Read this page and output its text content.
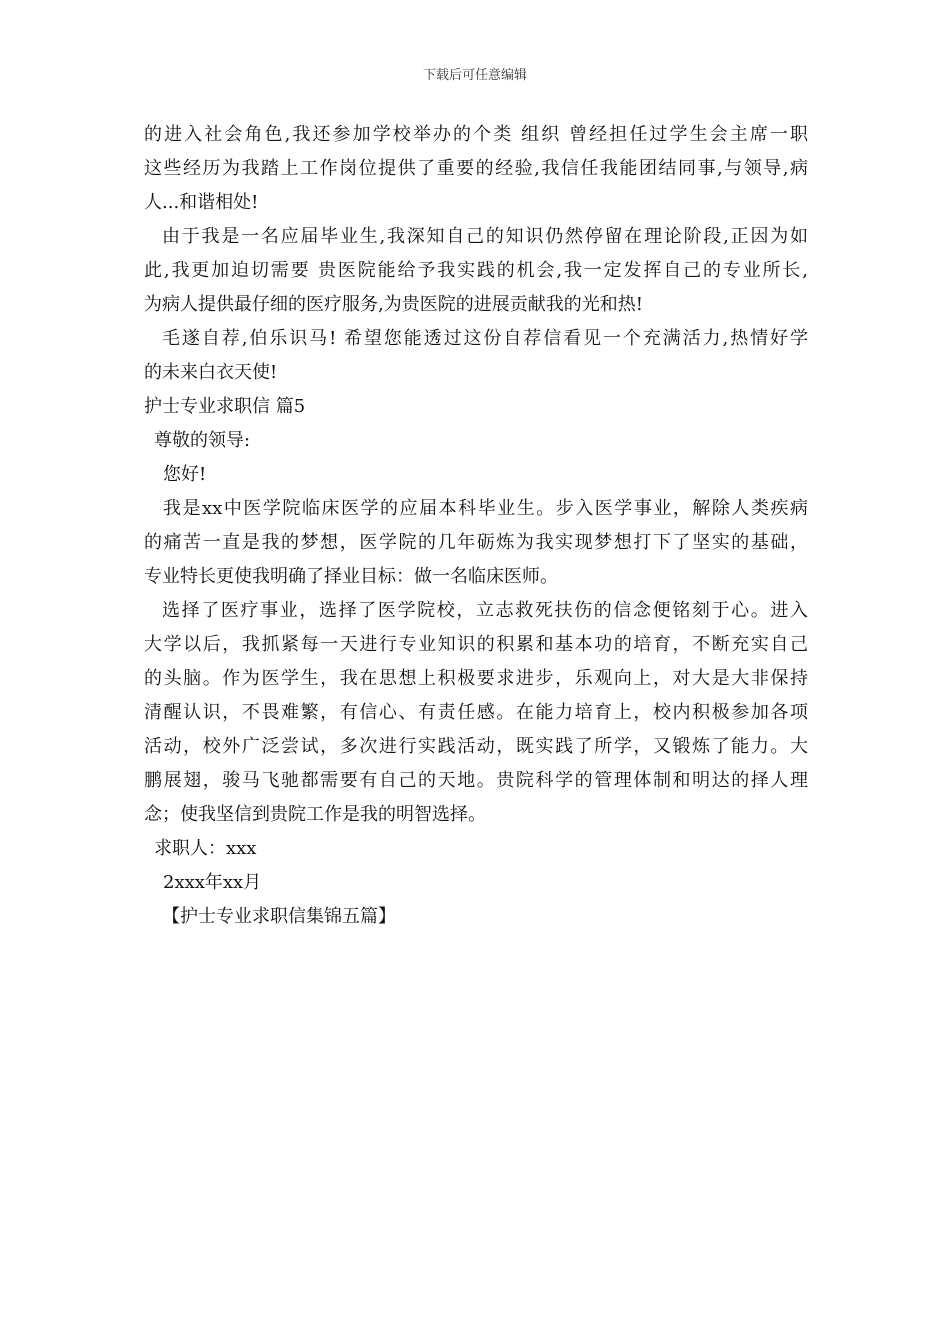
下载后可任意编辑
的进入社会角色,我还参加学校举办的个类 组织 曾经担任过学生会主席一职
这些经历为我踏上工作岗位提供了重要的经验,我信任我能团结同事,与领导,病
人...和谐相处!
由于我是一名应届毕业生,我深知自己的知识仍然停留在理论阶段,正因为如
此,我更加迫切需要 贵医院能给予我实践的机会,我一定发挥自己的专业所长,
为病人提供最仔细的医疗服务,为贵医院的进展贡献我的光和热!
毛遂自荐,伯乐识马! 希望您能透过这份自荐信看见一个充满活力,热情好学
的未来白衣天使!
护士专业求职信 篇5
尊敬的领导:
您好!
我是xx中医学院临床医学的应届本科毕业生。步入医学事业，解除人类疾病
的痛苦一直是我的梦想，医学院的几年砺炼为我实现梦想打下了坚实的基础，
专业特长更使我明确了择业目标：做一名临床医师。
选择了医疗事业，选择了医学院校，立志救死扶伤的信念便铭刻于心。进入
大学以后，我抓紧每一天进行专业知识的积累和基本功的培育，不断充实自己
的头脑。作为医学生，我在思想上积极要求进步，乐观向上，对大是大非保持
清醒认识，不畏难繁，有信心、有责任感。在能力培育上，校内积极参加各项
活动，校外广泛尝试，多次进行实践活动，既实践了所学，又锻炼了能力。大
鹏展翅，骏马飞驰都需要有自己的天地。贵院科学的管理体制和明达的择人理
念；使我坚信到贵院工作是我的明智选择。
求职人：xxx
2xxx年xx月
【护士专业求职信集锦五篇】
